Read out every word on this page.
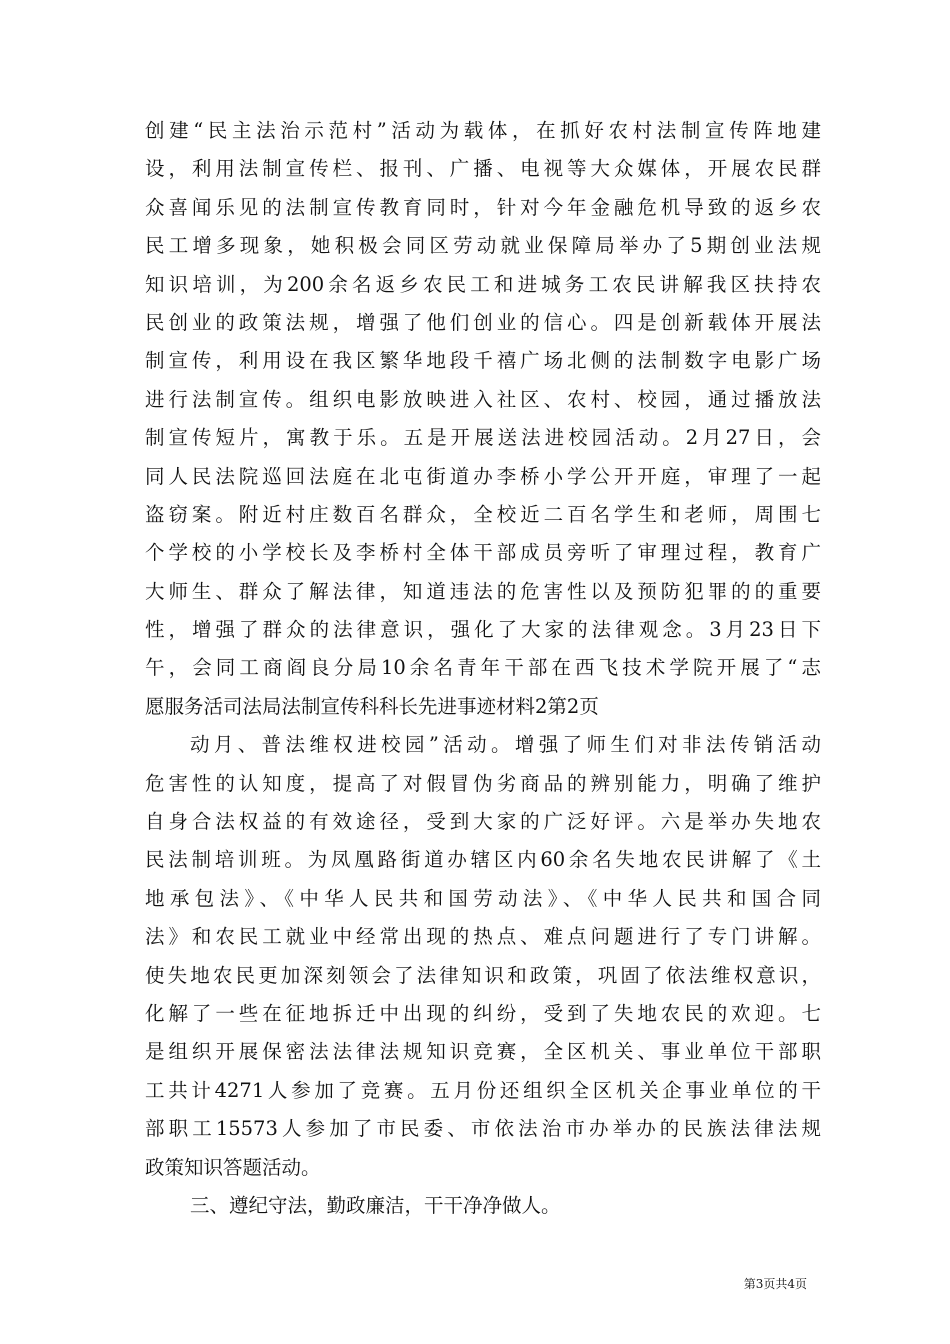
创建“民主法治示范村”活动为载体，在抓好农村法制宣传阵地建
设，利用法制宣传栏、报刊、广播、电视等大众媒体，开展农民群
众喜闻乐见的法制宣传教育同时，针对今年金融危机导致的返乡农
民工增多现象，她积极会同区劳动就业保障局举办了5期创业法规
知识培训，为200余名返乡农民工和进城务工农民讲解我区扶持农
民创业的政策法规，增强了他们创业的信心。四是创新载体开展法
制宣传，利用设在我区繁华地段千禧广场北侧的法制数字电影广场
进行法制宣传。组织电影放映进入社区、农村、校园，通过播放法
制宣传短片，寓教于乐。五是开展送法进校园活动。2月27日，会
同人民法院巡回法庭在北屯街道办李桥小学公开开庭，审理了一起
盗窃案。附近村庄数百名群众，全校近二百名学生和老师，周围七
个学校的小学校长及李桥村全体干部成员旁听了审理过程，教育广
大师生、群众了解法律，知道违法的危害性以及预防犯罪的的重要
性，增强了群众的法律意识，强化了大家的法律观念。3月23日下
午，会同工商阎良分局10余名青年干部在西飞技术学院开展了“志
愿服务活司法局法制宣传科科长先进事迹材料2第2页
动月、普法维权进校园”活动。增强了师生们对非法传销活动
危害性的认知度，提高了对假冒伪劣商品的辨别能力，明确了维护
自身合法权益的有效途径，受到大家的广泛好评。六是举办失地农
民法制培训班。为凤凰路街道办辖区内60余名失地农民讲解了《土
地承包法》、《中华人民共和国劳动法》、《中华人民共和国合同
法》和农民工就业中经常出现的热点、难点问题进行了专门讲解。
使失地农民更加深刻领会了法律知识和政策，巩固了依法维权意识，
化解了一些在征地拆迁中出现的纠纷，受到了失地农民的欢迎。七
是组织开展保密法法律法规知识竞赛，全区机关、事业单位干部职
工共计4271人参加了竞赛。五月份还组织全区机关企事业单位的干
部职工15573人参加了市民委、市依法治市办举办的民族法律法规
政策知识答题活动。
三、遵纪守法，勤政廉洁，干干净净做人。
第3页共4页
